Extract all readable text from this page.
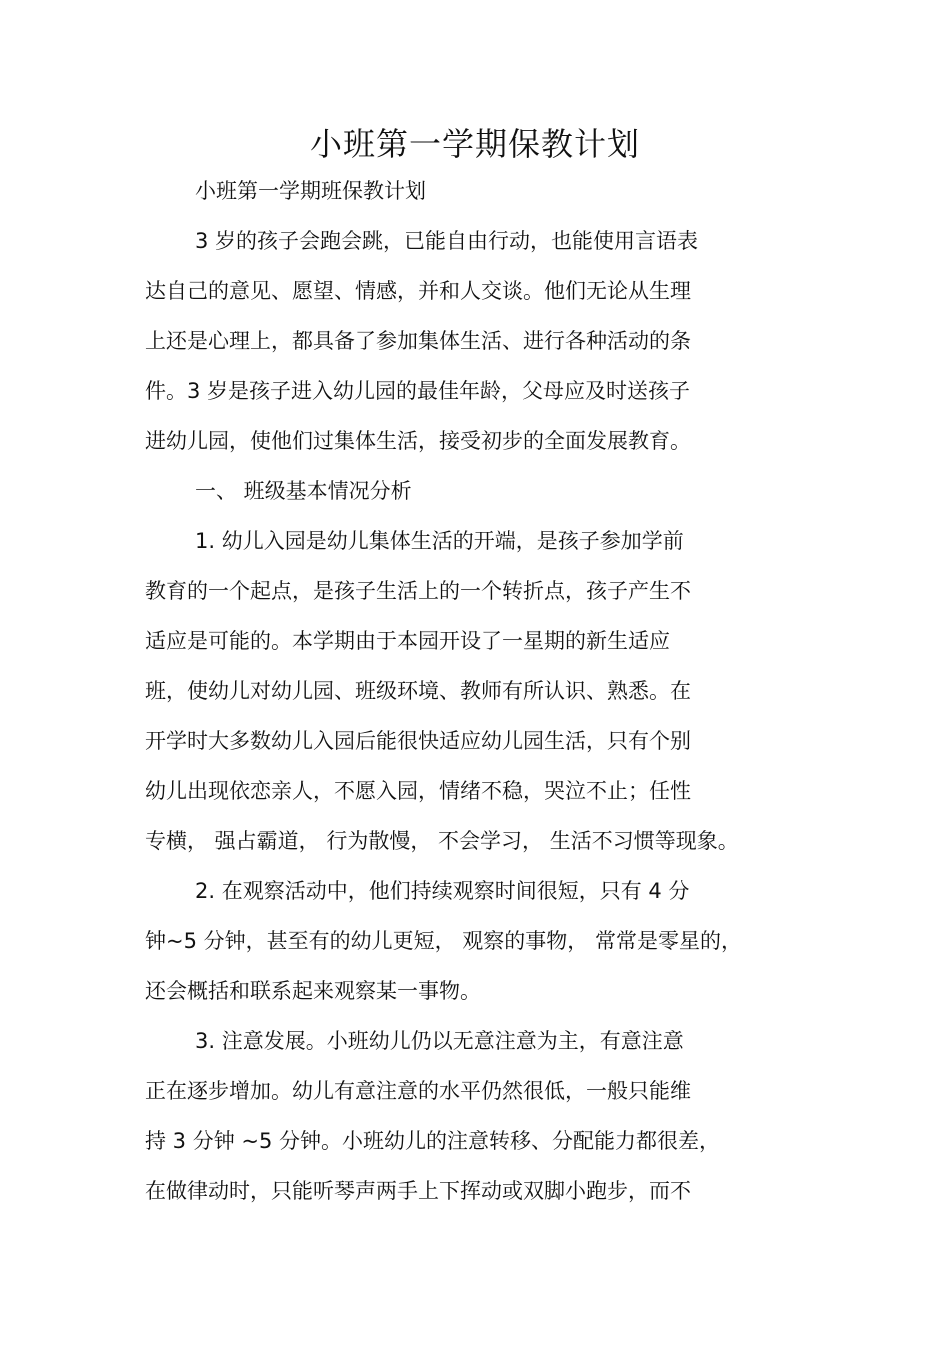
小班第一学期保教计划

小班第一学期班保教计划

3 岁的孩子会跑会跳，已能自由行动，也能使用言语表

达自己的意见、愿望、情感，并和人交谈。他们无论从生理

上还是心理上，都具备了参加集体生活、进行各种活动的条

件。3 岁是孩子进入幼儿园的最佳年龄，父母应及时送孩子

进幼儿园，使他们过集体生活，接受初步的全面发展教育。

一、 班级基本情况分析

1. 幼儿入园是幼儿集体生活的开端，是孩子参加学前

教育的一个起点，是孩子生活上的一个转折点，孩子产生不

适应是可能的。本学期由于本园开设了一星期的新生适应

班，使幼儿对幼儿园、班级环境、教师有所认识、熟悉。在

开学时大多数幼儿入园后能很快适应幼儿园生活，只有个别

幼儿出现依恋亲人，不愿入园，情绪不稳，哭泣不止；任性

专横， 强占霸道， 行为散慢， 不会学习， 生活不习惯等现象。

2. 在观察活动中，他们持续观察时间很短，只有 4 分

钟~5 分钟，甚至有的幼儿更短， 观察的事物， 常常是零星的，

还会概括和联系起来观察某一事物。

3. 注意发展。小班幼儿仍以无意注意为主，有意注意

正在逐步增加。幼儿有意注意的水平仍然很低，一般只能维

持 3 分钟 ~5 分钟。小班幼儿的注意转移、分配能力都很差，

在做律动时，只能听琴声两手上下挥动或双脚小跑步，而不
